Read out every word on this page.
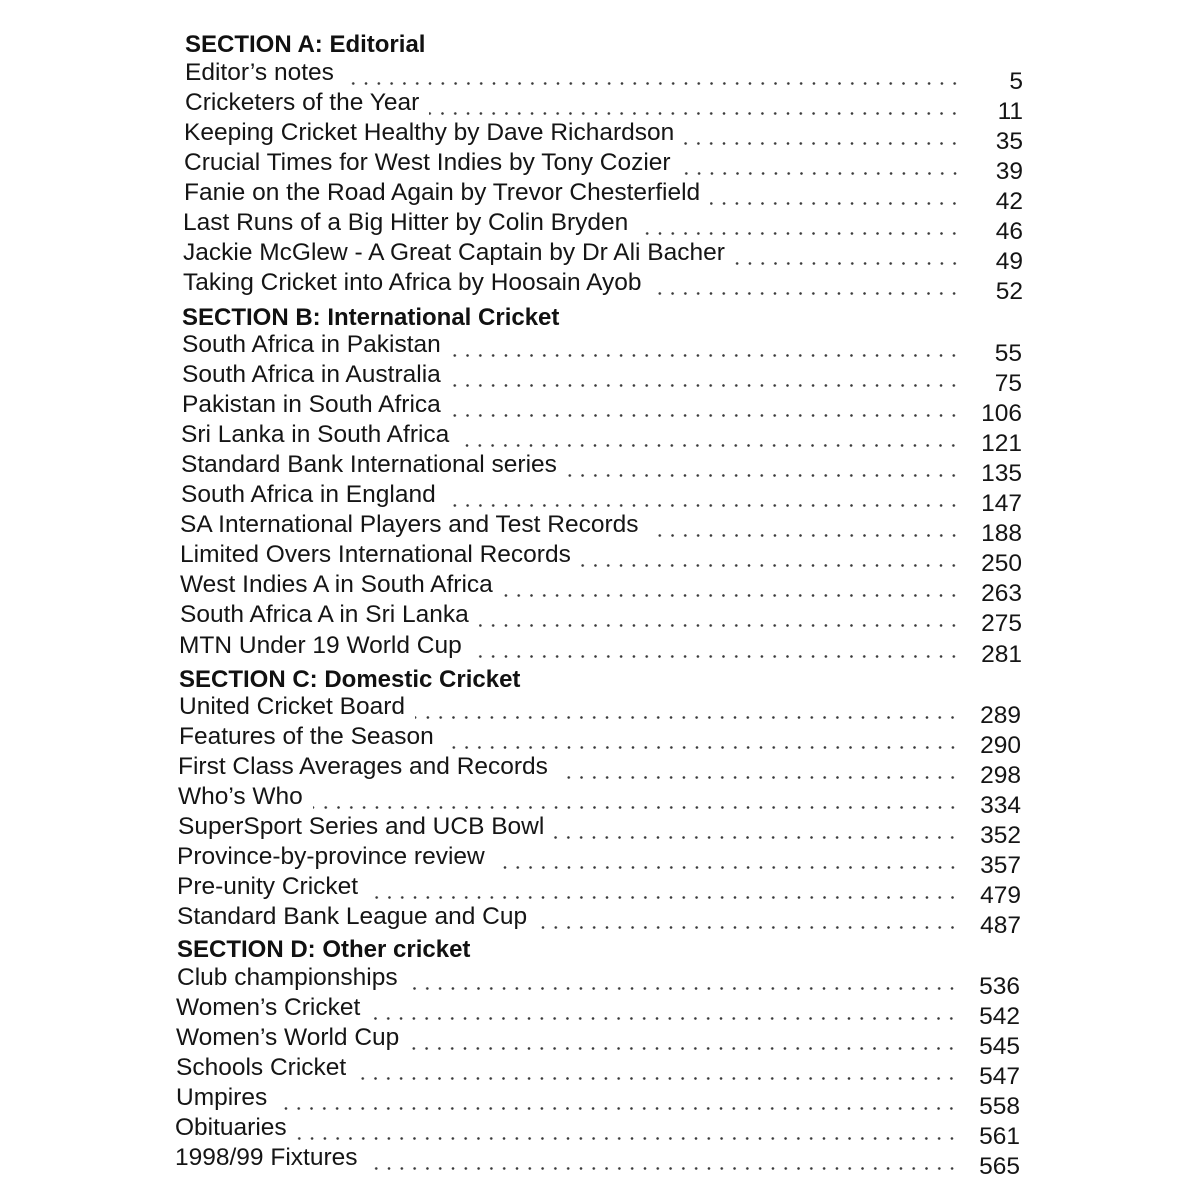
SECTION A: Editorial
Editor’s notes	5
Cricketers of the Year	11
Keeping Cricket Healthy by Dave Richardson	35
Crucial Times for West Indies by Tony Cozier	39
Fanie on the Road Again by Trevor Chesterfield	42
Last Runs of a Big Hitter by Colin Bryden	46
Jackie McGlew - A Great Captain by Dr Ali Bacher	49
Taking Cricket into Africa by Hoosain Ayob	52
SECTION B: International Cricket
South Africa in Pakistan	55
South Africa in Australia	75
Pakistan in South Africa	106
Sri Lanka in South Africa	121
Standard Bank International series	135
South Africa in England	147
SA International Players and Test Records	188
Limited Overs International Records	250
West Indies A in South Africa	263
South Africa A in Sri Lanka	275
MTN Under 19 World Cup	281
SECTION C: Domestic Cricket
United Cricket Board	289
Features of the Season	290
First Class Averages and Records	298
Who’s Who	334
SuperSport Series and UCB Bowl	352
Province-by-province review	357
Pre-unity Cricket	479
Standard Bank League and Cup	487
SECTION D: Other cricket
Club championships	536
Women’s Cricket	542
Women’s World Cup	545
Schools Cricket	547
Umpires	558
Obituaries	561
1998/99 Fixtures	565
